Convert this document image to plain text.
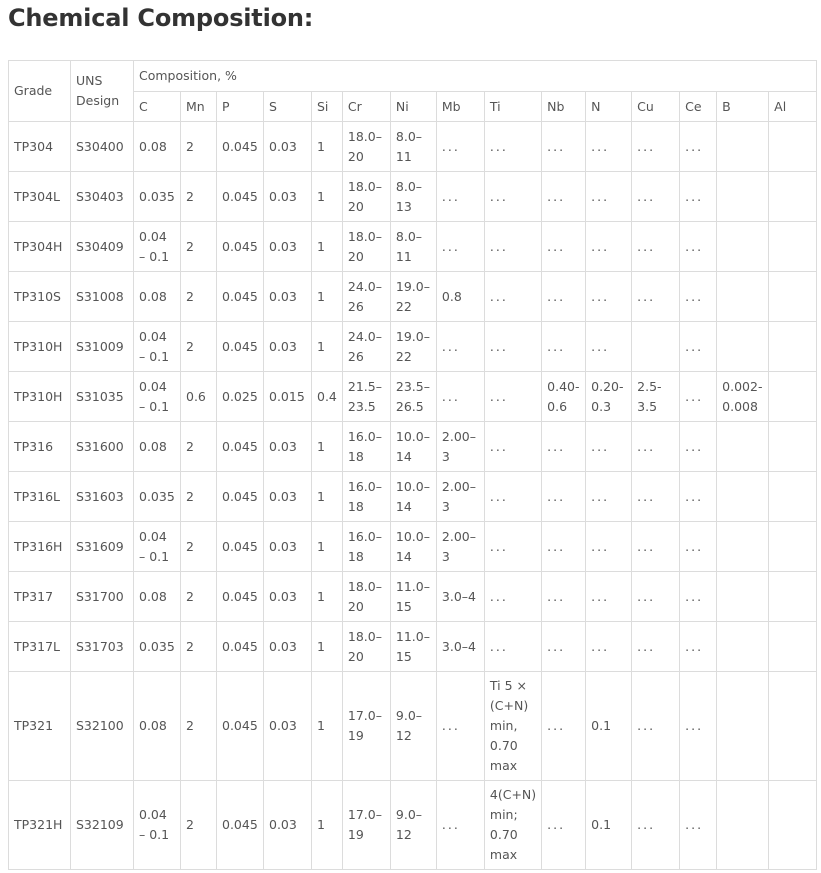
Chemical Composition:
Grade	UNS Design	Composition, %														
		C	Mn	P	S	Si	Cr	Ni	Mb	Ti	Nb	N	Cu	Ce	B	Al
TP304	S30400	0.08	2	0.045	0.03	1	18.0–20	8.0–11	...	...	...	...	...	...		
TP304L	S30403	0.035	2	0.045	0.03	1	18.0–20	8.0–13	...	...	...	...	...	...		
TP304H	S30409	0.04 – 0.1	2	0.045	0.03	1	18.0–20	8.0–11	...	...	...	...	...	...		
TP310S	S31008	0.08	2	0.045	0.03	1	24.0–26	19.0–22	0.8	...	...	...	...	...		
TP310H	S31009	0.04 – 0.1	2	0.045	0.03	1	24.0–26	19.0–22	...	...	...	...		...		
TP310H	S31035	0.04 – 0.1	0.6	0.025	0.015	0.4	21.5–23.5	23.5–26.5	...	...	0.40-0.6	0.20-0.3	2.5-3.5	...	0.002-0.008	
TP316	S31600	0.08	2	0.045	0.03	1	16.0–18	10.0–14	2.00–3	...	...	...	...	...		
TP316L	S31603	0.035	2	0.045	0.03	1	16.0–18	10.0–14	2.00–3	...	...	...	...	...		
TP316H	S31609	0.04 – 0.1	2	0.045	0.03	1	16.0–18	10.0–14	2.00–3	...	...	...	...	...		
TP317	S31700	0.08	2	0.045	0.03	1	18.0–20	11.0–15	3.0–4	...	...	...	...	...		
TP317L	S31703	0.035	2	0.045	0.03	1	18.0–20	11.0–15	3.0–4	...	...	...	...	...		
TP321	S32100	0.08	2	0.045	0.03	1	17.0–19	9.0–12	...	Ti 5 × (C+N) min, 0.70 max	...	0.1	...	...		
TP321H	S32109	0.04 – 0.1	2	0.045	0.03	1	17.0–19	9.0–12	...	4(C+N) min; 0.70 max	...	0.1	...	...		
